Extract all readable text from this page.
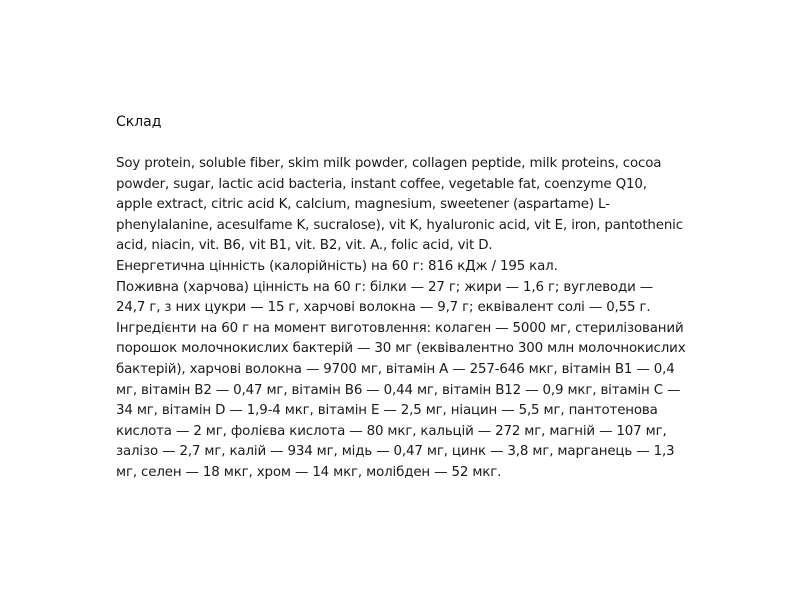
Склад

Soy protein, soluble fiber, skim milk powder, collagen peptide, milk proteins, cocoa powder, sugar, lactic acid bacteria, instant coffee, vegetable fat, coenzyme Q10, apple extract, citric acid K, calcium, magnesium, sweetener (aspartame) L-phenylalanine, acesulfame K, sucralose), vit K, hyaluronic acid, vit E, iron, pantothenic acid, niacin, vit. B6, vit B1, vit. B2, vit. A., folic acid, vit D.

Енергетична цінність (калорійність) на 60 г: 816 кДж / 195 кал.

Поживна (харчова) цінність на 60 г: білки — 27 г; жири — 1,6 г; вуглеводи — 24,7 г, з них цукри — 15 г, харчові волокна — 9,7 г; еквівалент солі — 0,55 г.

Інгредієнти на 60 г на момент виготовлення: колаген — 5000 мг, стерилізований порошок молочнокислих бактерій — 30 мг (еквівалентно 300 млн молочнокислих бактерій), харчові волокна — 9700 мг, вітамін А — 257-646 мкг, вітамін В1 — 0,4 мг, вітамін В2 — 0,47 мг, вітамін В6 — 0,44 мг, вітамін В12 — 0,9 мкг, вітамін С — 34 мг, вітамін D — 1,9-4 мкг, вітамін Е — 2,5 мг, ніацин — 5,5 мг, пантотенова кислота — 2 мг, фолієва кислота — 80 мкг, кальцій — 272 мг, магній — 107 мг, залізо — 2,7 мг, калій — 934 мг, мідь — 0,47 мг, цинк — 3,8 мг, марганець — 1,3 мг, селен — 18 мкг, хром — 14 мкг, молібден — 52 мкг.
